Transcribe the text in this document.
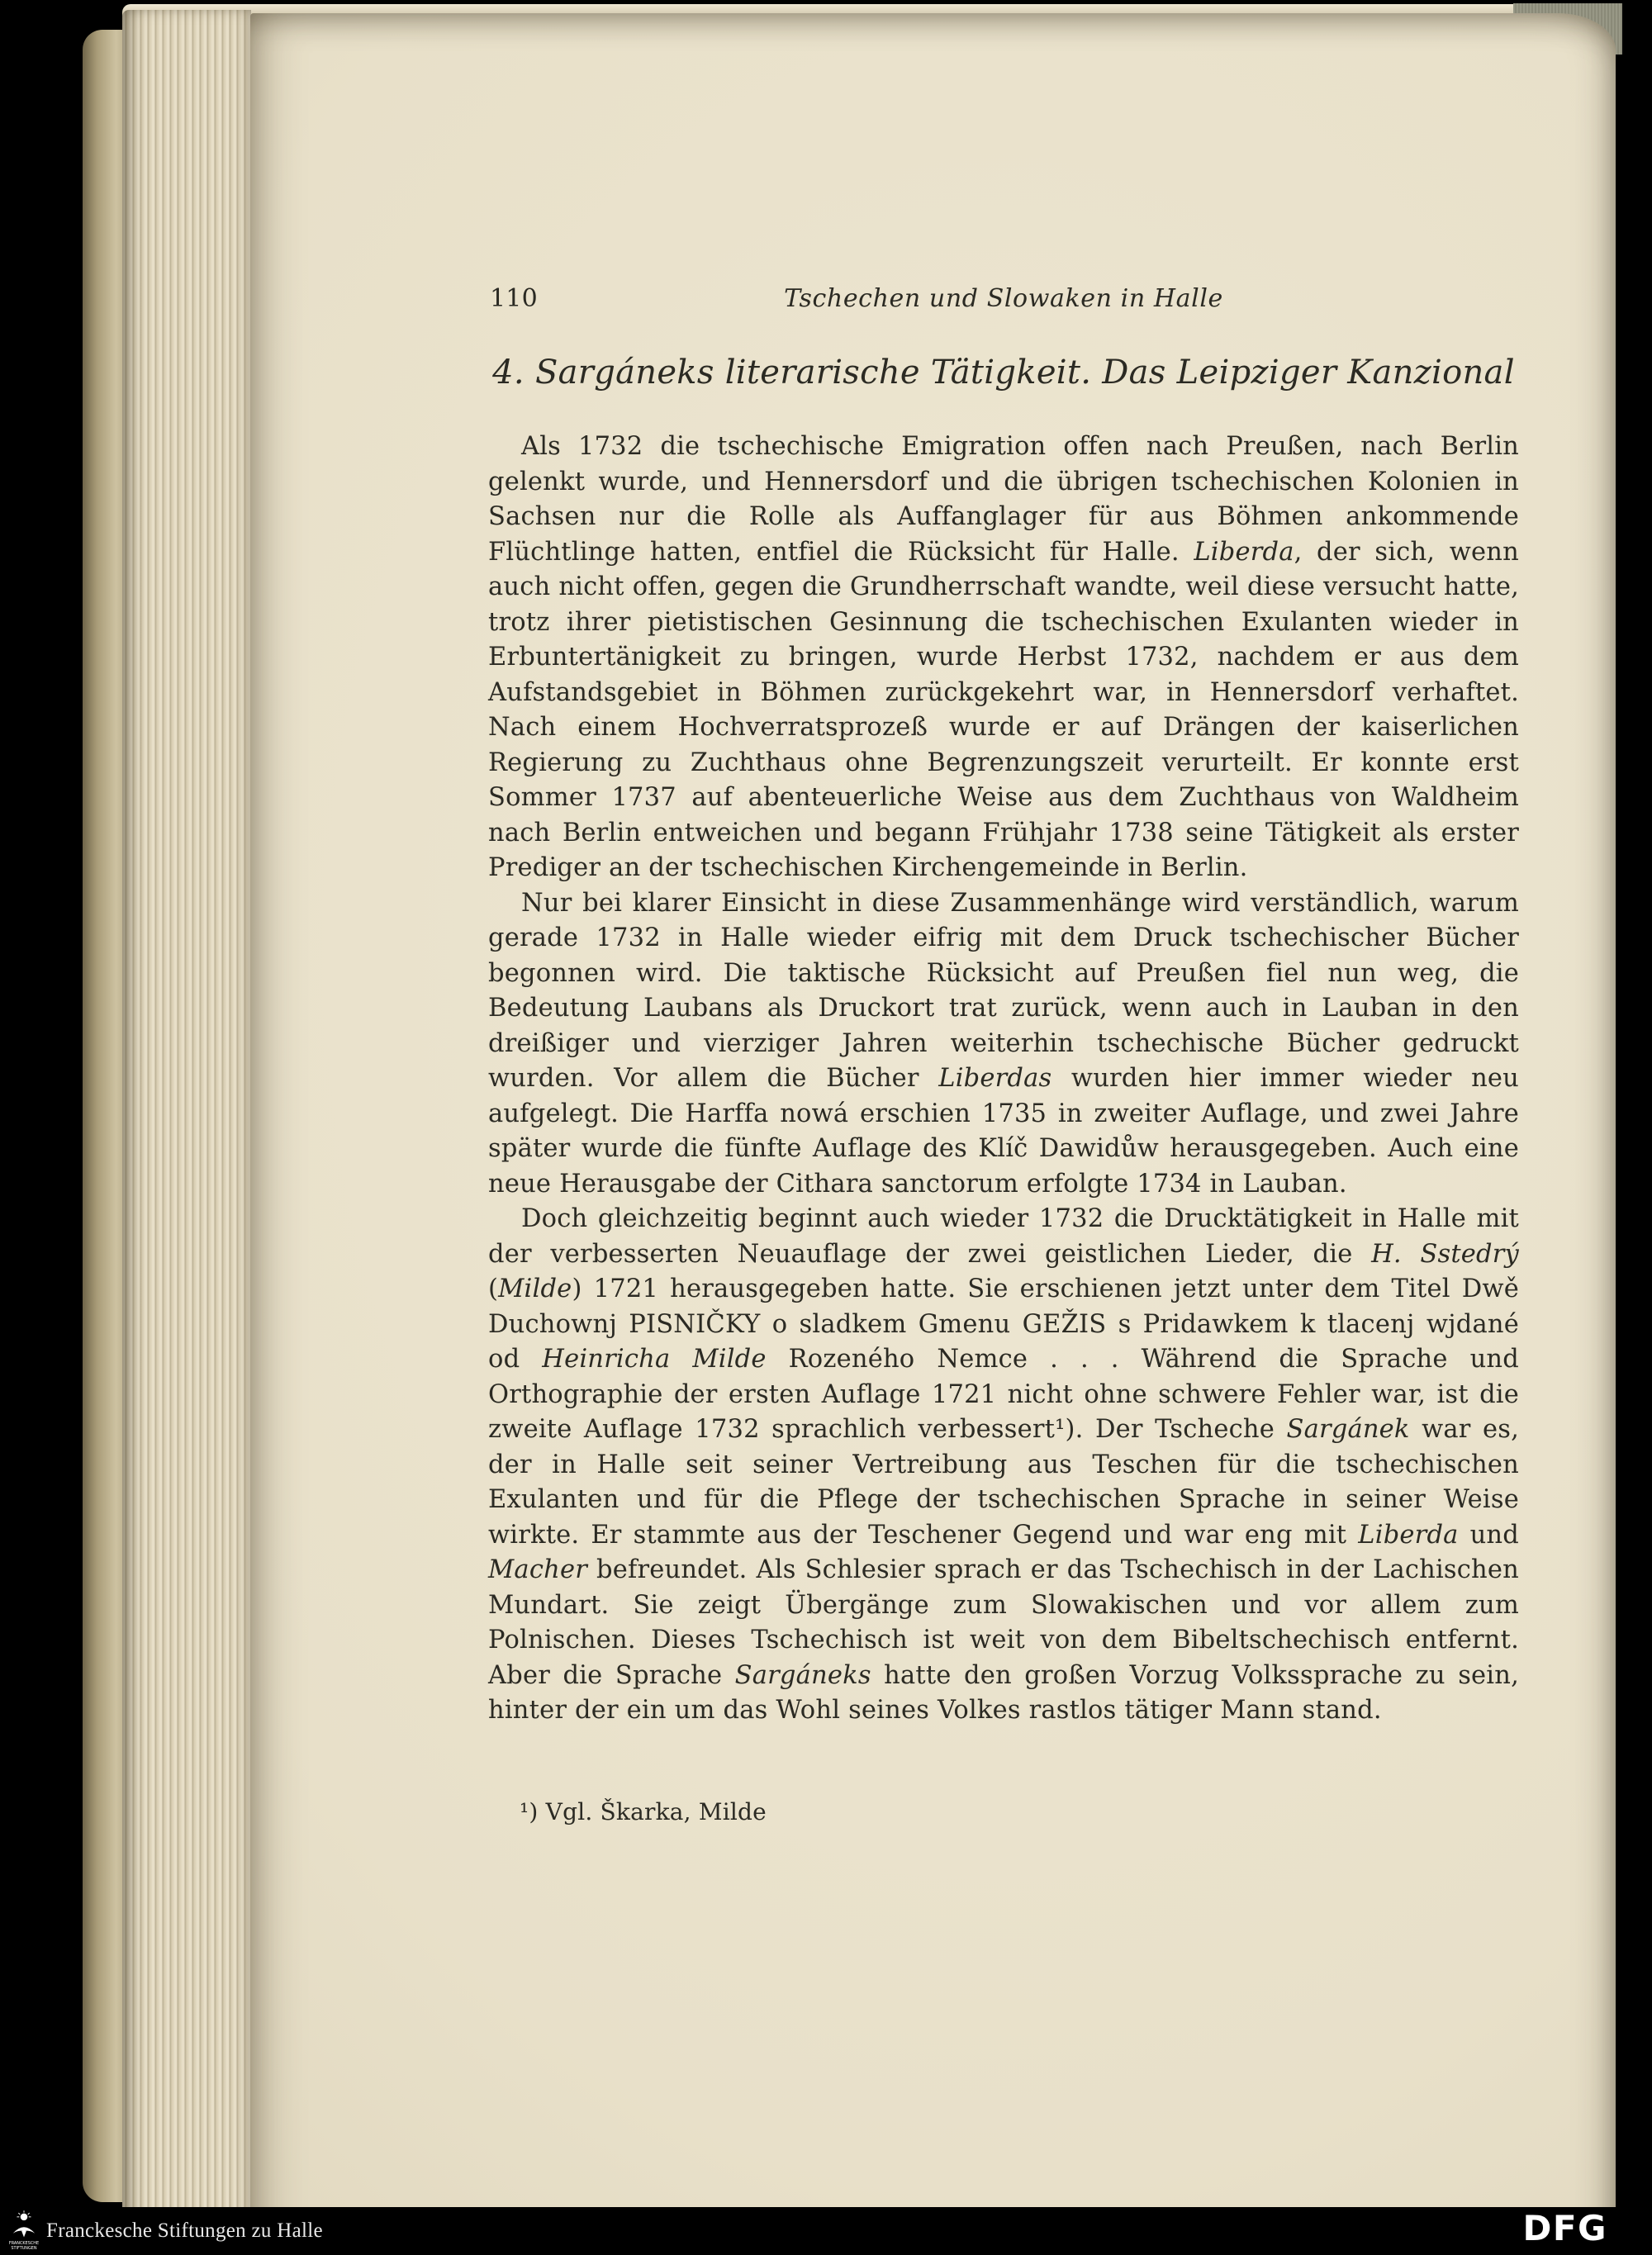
110	Tschechen und Slowaken in Halle
4. Sargáneks literarische Tätigkeit. Das Leipziger Kanzional

Als 1732 die tschechische Emigration offen nach Preußen, nach Berlin gelenkt wurde, und Hennersdorf und die übrigen tschechischen Kolonien in Sachsen nur die Rolle als Auffanglager für aus Böhmen ankommende Flüchtlinge hatten, entfiel die Rücksicht für Halle. Liberda, der sich, wenn auch nicht offen, gegen die Grundherrschaft wandte, weil diese versucht hatte, trotz ihrer pietistischen Gesinnung die tschechischen Exulanten wieder in Erbuntertänigkeit zu bringen, wurde Herbst 1732, nachdem er aus dem Aufstandsgebiet in Böhmen zurückgekehrt war, in Hennersdorf verhaftet. Nach einem Hochverratsprozeß wurde er auf Drängen der kaiserlichen Regierung zu Zuchthaus ohne Begrenzungszeit verurteilt. Er konnte erst Sommer 1737 auf abenteuerliche Weise aus dem Zuchthaus von Waldheim nach Berlin entweichen und begann Frühjahr 1738 seine Tätigkeit als erster Prediger an der tschechischen Kirchengemeinde in Berlin.

Nur bei klarer Einsicht in diese Zusammenhänge wird verständlich, warum gerade 1732 in Halle wieder eifrig mit dem Druck tschechischer Bücher begonnen wird. Die taktische Rücksicht auf Preußen fiel nun weg, die Bedeutung Laubans als Druckort trat zurück, wenn auch in Lauban in den dreißiger und vierziger Jahren weiterhin tschechische Bücher gedruckt wurden. Vor allem die Bücher Liberdas wurden hier immer wieder neu aufgelegt. Die Harffa nowá erschien 1735 in zweiter Auflage, und zwei Jahre später wurde die fünfte Auflage des Klíč Dawidůw herausgegeben. Auch eine neue Herausgabe der Cithara sanctorum erfolgte 1734 in Lauban.

Doch gleichzeitig beginnt auch wieder 1732 die Drucktätigkeit in Halle mit der verbesserten Neuauflage der zwei geistlichen Lieder, die H. Sstedrý (Milde) 1721 herausgegeben hatte. Sie erschienen jetzt unter dem Titel Dwě Duchownj PISNIČKY o sladkem Gmenu GEŽIS s Pridawkem k tlacenj wjdané od Heinricha Milde Rozeného Nemce . . . Während die Sprache und Orthographie der ersten Auflage 1721 nicht ohne schwere Fehler war, ist die zweite Auflage 1732 sprachlich verbessert¹). Der Tscheche Sargánek war es, der in Halle seit seiner Vertreibung aus Teschen für die tschechischen Exulanten und für die Pflege der tschechischen Sprache in seiner Weise wirkte. Er stammte aus der Teschener Gegend und war eng mit Liberda und Macher befreundet. Als Schlesier sprach er das Tschechisch in der Lachischen Mundart. Sie zeigt Übergänge zum Slowakischen und vor allem zum Polnischen. Dieses Tschechisch ist weit von dem Bibeltschechisch entfernt. Aber die Sprache Sargáneks hatte den großen Vorzug Volkssprache zu sein, hinter der ein um das Wohl seines Volkes rastlos tätiger Mann stand.

¹) Vgl. Škarka, Milde
FRANCKESCHE
STIFTUNGEN
Franckesche Stiftungen zu Halle	DFG
